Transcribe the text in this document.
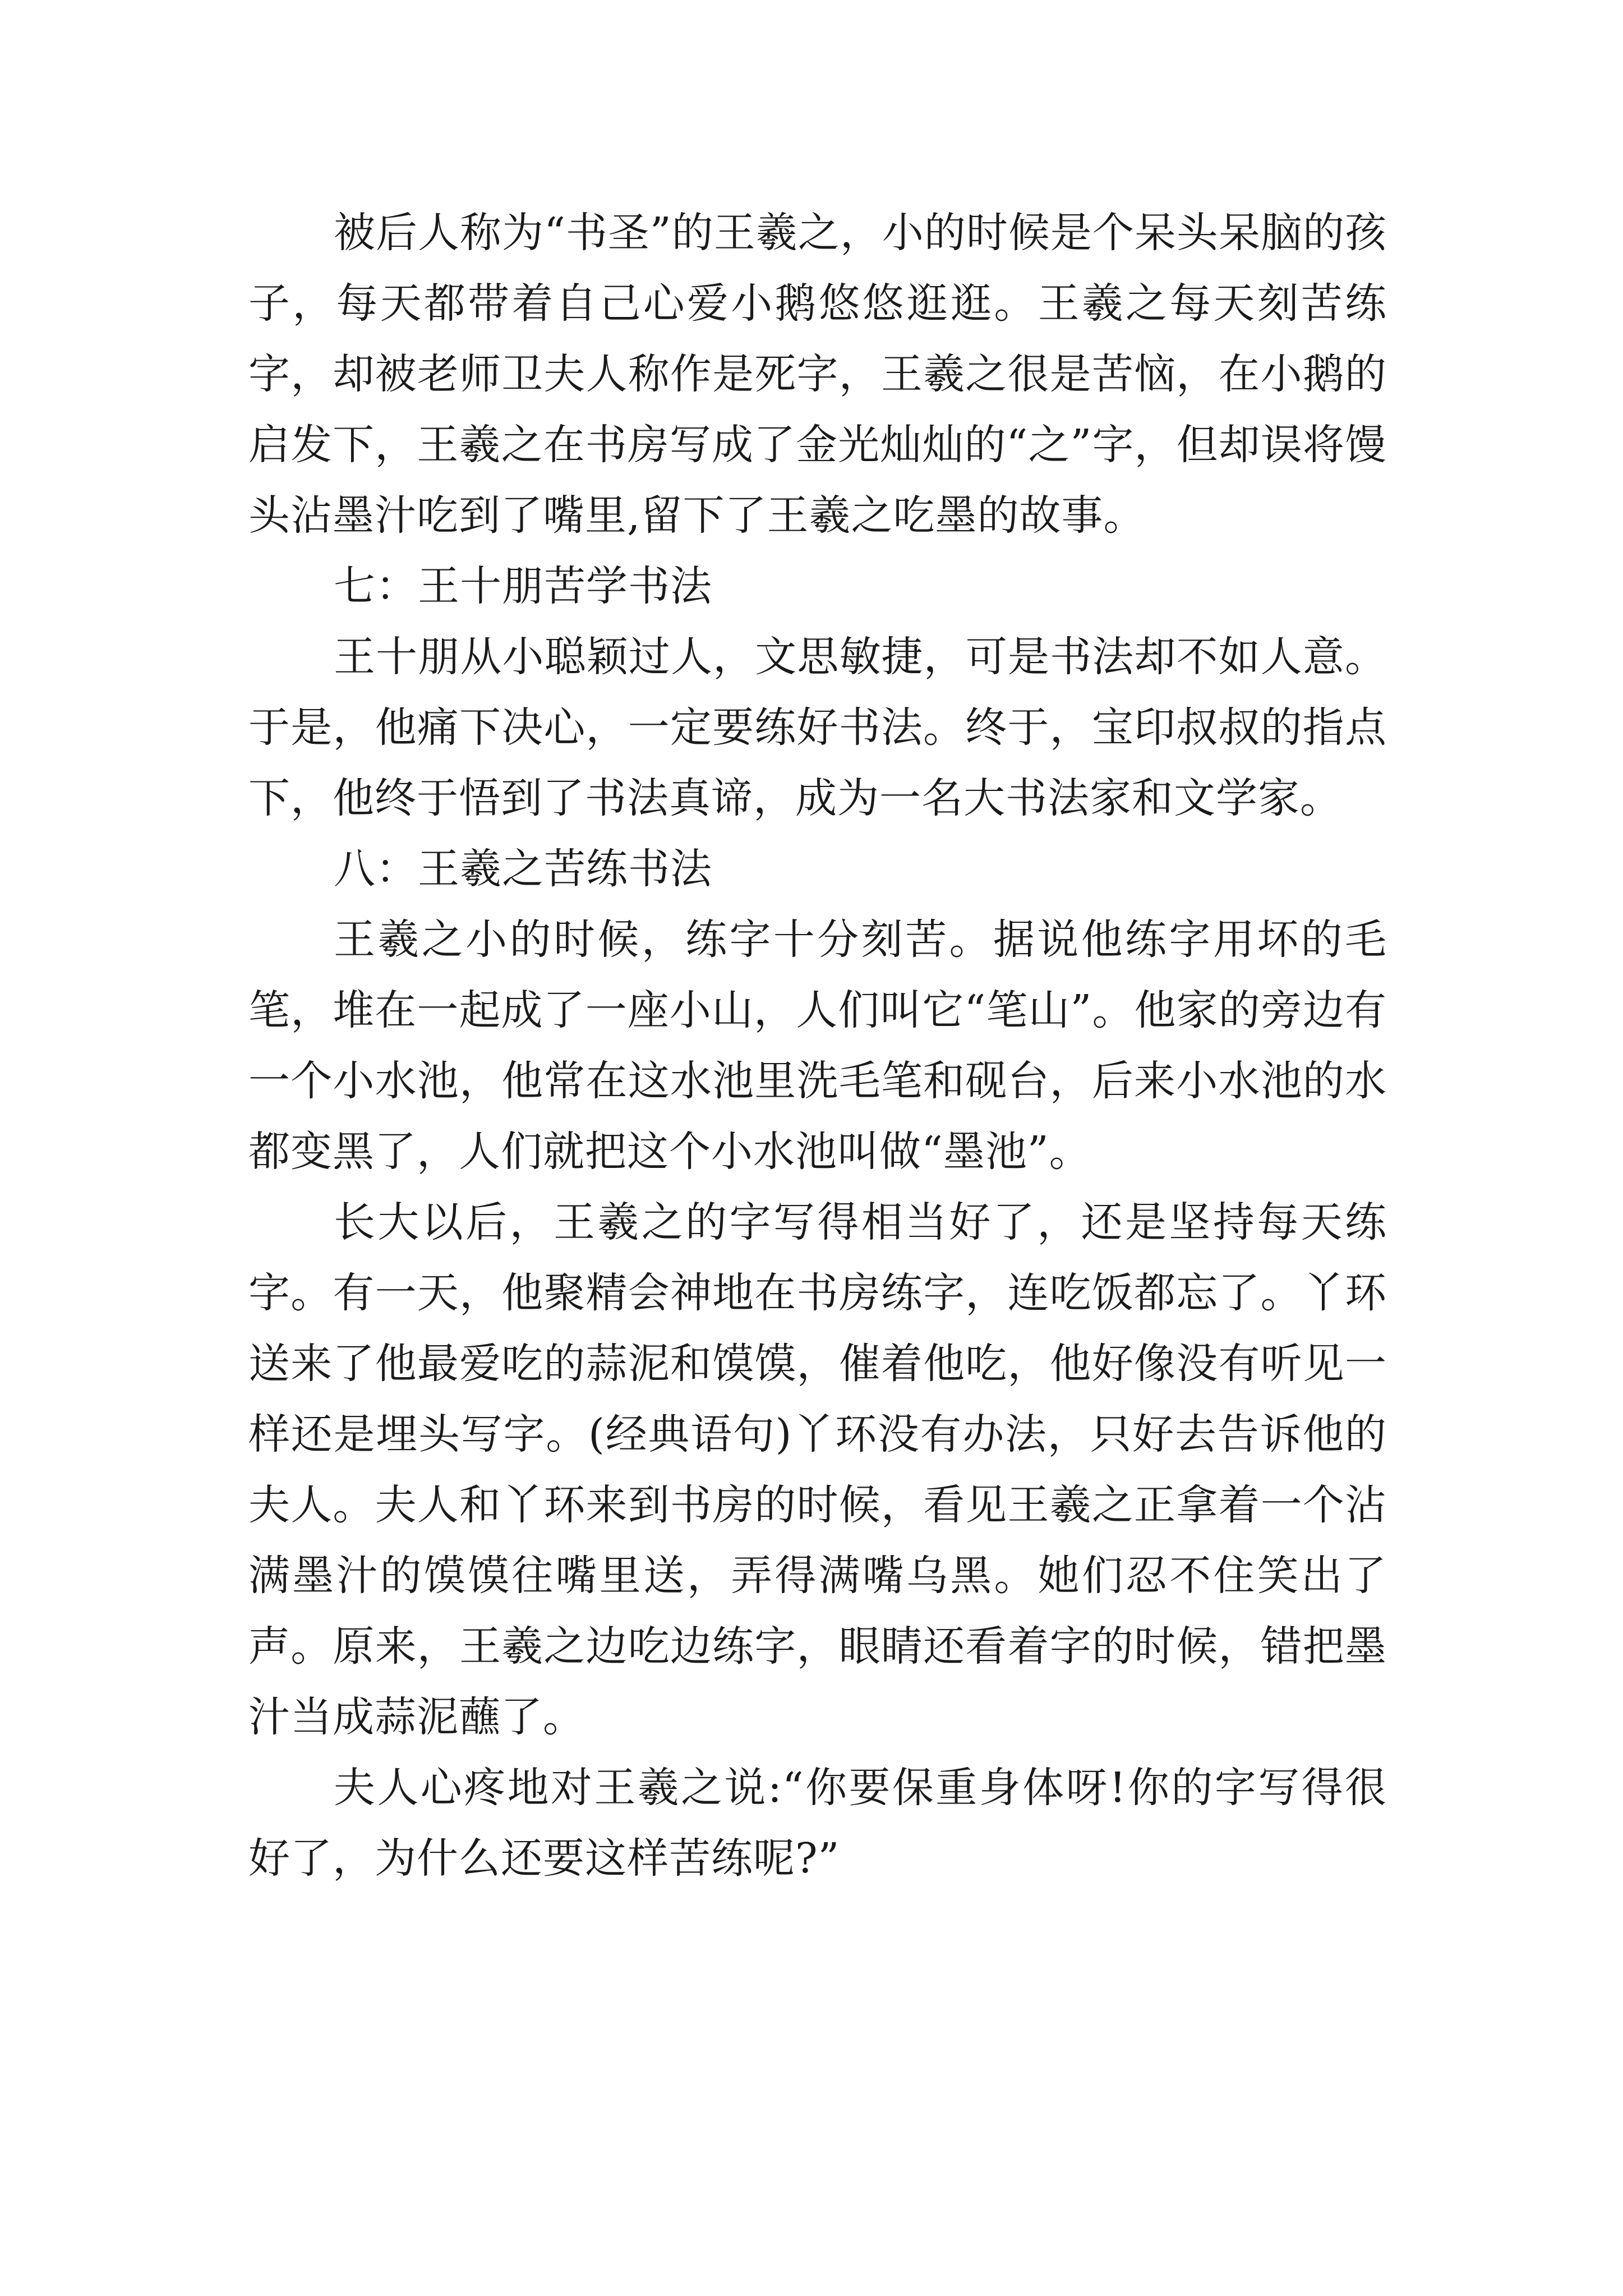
被后人称为“书圣”的王羲之，小的时候是个呆头呆脑的孩子，每天都带着自己心爱小鹅悠悠逛逛。王羲之每天刻苦练字，却被老师卫夫人称作是死字，王羲之很是苦恼，在小鹅的启发下，王羲之在书房写成了金光灿灿的“之”字，但却误将馒头沾墨汁吃到了嘴里,留下了王羲之吃墨的故事。

七：王十朋苦学书法

王十朋从小聪颖过人，文思敏捷，可是书法却不如人意。于是，他痛下决心，一定要练好书法。终于，宝印叔叔的指点下，他终于悟到了书法真谛，成为一名大书法家和文学家。

八：王羲之苦练书法

王羲之小的时候，练字十分刻苦。据说他练字用坏的毛笔，堆在一起成了一座小山，人们叫它“笔山”。他家的旁边有一个小水池，他常在这水池里洗毛笔和砚台，后来小水池的水都变黑了，人们就把这个小水池叫做“墨池”。

长大以后，王羲之的字写得相当好了，还是坚持每天练字。有一天，他聚精会神地在书房练字，连吃饭都忘了。丫环送来了他最爱吃的蒜泥和馍馍，催着他吃，他好像没有听见一样还是埋头写字。(经典语句)丫环没有办法，只好去告诉他的夫人。夫人和丫环来到书房的时候，看见王羲之正拿着一个沾满墨汁的馍馍往嘴里送，弄得满嘴乌黑。她们忍不住笑出了声。原来，王羲之边吃边练字，眼睛还看着字的时候，错把墨汁当成蒜泥蘸了。

夫人心疼地对王羲之说:“你要保重身体呀!你的字写得很好了，为什么还要这样苦练呢?”
